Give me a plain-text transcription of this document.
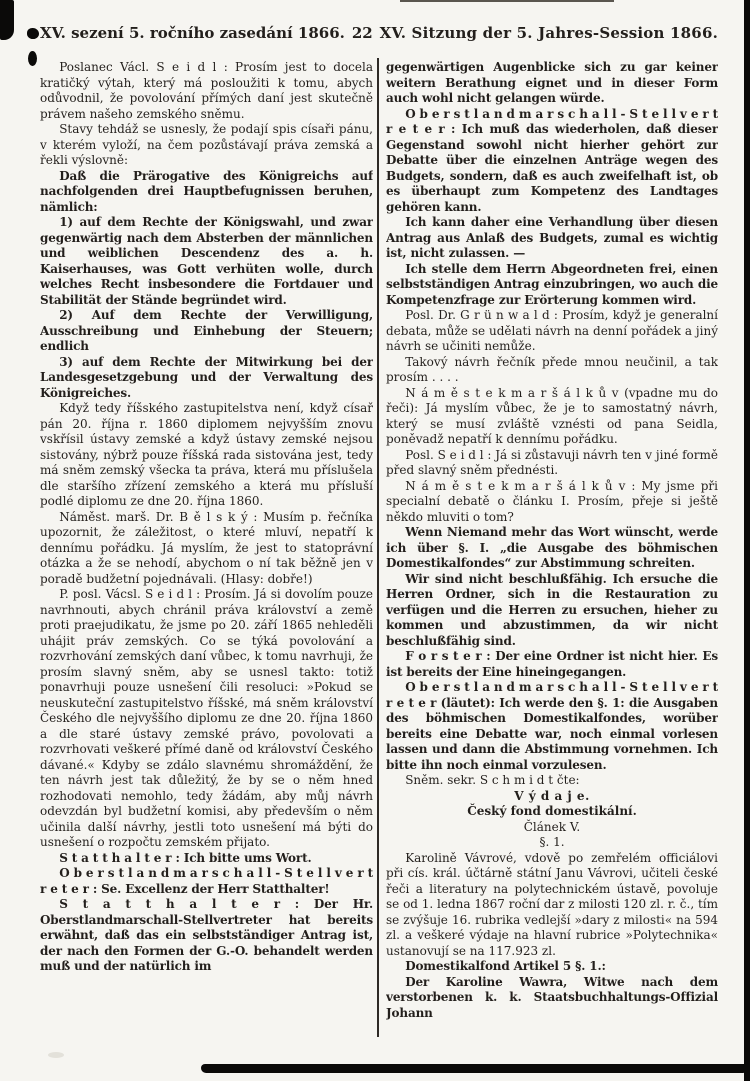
XV. sezení 5. ročního zasedání 1866. 22 XV. Sitzung der 5. Jahres-Session 1866.

Poslanec Václ. S e i d l : Prosím jest to docela kratičký výtah, který má posloužiti k tomu, abych odůvodnil, že povolování přímých daní jest skutečně právem našeho zemského sněmu.

Stavy tehdáž se usnesly, že podají spis císaři pánu, v kterém vyloží, na čem pozůstávají práva zemská a řekli výslovně:

Daß die Prärogative des Königreichs auf nachfolgenden drei Hauptbefugnissen beruhen, nämlich:

1) auf dem Rechte der Königswahl, und zwar gegenwärtig nach dem Absterben der männlichen und weiblichen Descendenz des a. h. Kaiserhauses, was Gott verhüten wolle, durch welches Recht insbesondere die Fortdauer und Stabilität der Stände begründet wird.

2) Auf dem Rechte der Verwilligung, Ausschreibung und Einhebung der Steuern; endlich

3) auf dem Rechte der Mitwirkung bei der Landesgesetzgebung und der Verwaltung des Königreiches.

Když tedy říšského zastupitelstva není, když císař pán 20. října r. 1860 diplomem nejvyšším znovu vskřísil ústavy zemské a když ústavy zemské nejsou sistovány, nýbrž pouze říšská rada sistována jest, tedy má sněm zemský všecka ta práva, která mu příslušela dle staršího zřízení zemského a která mu přísluší podlé diplomu ze dne 20. října 1860.

Náměst. marš. Dr. B ě l s k ý : Musím p. řečníka upozornit, že záležitost, o které mluví, nepatří k dennímu pořádku. Já myslím, že jest to statoprávní otázka a že se nehodí, abychom o ní tak běžně jen v poradě budžetní pojednávali. (Hlasy: dobře!)

P. posl. Vácsl. S e i d l : Prosím. Já si dovolím pouze navrhnouti, abych chránil práva království a země proti praejudikatu, že jsme po 20. září 1865 nehleděli uhájit práv zemských. Co se týká povolování a rozvrhování zemských daní vůbec, k tomu navrhuji, že prosím slavný sněm, aby se usnesl takto: totiž ponavrhuji pouze usnešení čili resoluci: »Pokud se neuskuteční zastupitelstvo říšské, má sněm království Českého dle nejvyššího diplomu ze dne 20. října 1860 a dle staré ústavy zemské právo, povolovati a rozvrhovati veškeré přímé daně od království Českého dávané.« Kdyby se zdálo slavnému shromáždění, že ten návrh jest tak důležitý, že by se o něm hned rozhodovati nemohlo, tedy žádám, aby můj návrh odevzdán byl budžetní komisi, aby především o něm učinila další návrhy, jestli toto usnešení má býti do usnešení o rozpočtu zemském přijato.

S t a t t h a l t e r : Ich bitte ums Wort.

O b e r s t l a n d m a r s c h a l l - S t e l l v e r t r e t e r : Se. Excellenz der Herr Statthalter!

S t a t t h a l t e r : Der Hr. Oberstlandmarschall-Stellvertreter hat bereits erwähnt, daß das ein selbstständiger Antrag ist, der nach den Formen der G.-O. behandelt werden muß und der natürlich im

gegenwärtigen Augenblicke sich zu gar keiner weitern Berathung eignet und in dieser Form auch wohl nicht gelangen würde.

O b e r s t l a n d m a r s c h a l l - S t e l l v e r t r e t e r : Ich muß das wiederholen, daß dieser Gegenstand sowohl nicht hierher gehört zur Debatte über die einzelnen Anträge wegen des Budgets, sondern, daß es auch zweifelhaft ist, ob es überhaupt zum Kompetenz des Landtages gehören kann.

Ich kann daher eine Verhandlung über diesen Antrag aus Anlaß des Budgets, zumal es wichtig ist, nicht zulassen. —

Ich stelle dem Herrn Abgeordneten frei, einen selbstständigen Antrag einzubringen, wo auch die Kompetenzfrage zur Erörterung kommen wird.

Posl. Dr. G r ü n w a l d : Prosím, když je generalní debata, může se udělati návrh na denní pořádek a jiný návrh se učiniti nemůže.

Takový návrh řečník přede mnou neučinil, a tak prosím . . . .

N á m ě s t e k m a r š á l k ů v (vpadne mu do řeči): Já myslím vůbec, že je to samostatný návrh, který se musí zvláště vznésti od pana Seidla, poněvadž nepatří k dennímu pořádku.

Posl. S e i d l : Já si zůstavuji návrh ten v jiné formě před slavný sněm přednésti.

N á m ě s t e k m a r š á l k ů v : My jsme při specialní debatě o článku I. Prosím, přeje si ještě někdo mluviti o tom?

Wenn Niemand mehr das Wort wünscht, werde ich über §. I. „die Ausgabe des böhmischen Domestikalfondes“ zur Abstimmung schreiten.

Wir sind nicht beschlußfähig. Ich ersuche die Herren Ordner, sich in die Restauration zu verfügen und die Herren zu ersuchen, hieher zu kommen und abzustimmen, da wir nicht beschlußfähig sind.

F o r s t e r : Der eine Ordner ist nicht hier. Es ist bereits der Eine hineingegangen.

O b e r s t l a n d m a r s c h a l l - S t e l l v e r t r e t e r (läutet): Ich werde den §. 1: die Ausgaben des böhmischen Domestikalfondes, worüber bereits eine Debatte war, noch einmal vorlesen lassen und dann die Abstimmung vornehmen. Ich bitte ihn noch einmal vorzulesen.

Sněm. sekr. S c h m i d t čte:

V ý d a j e.

Český fond domestikální.

Článek V.

§. 1.

Karolině Vávrové, vdově po zemřelém officiálovi při cís. král. účtárně státní Janu Vávrovi, učiteli české řeči a literatury na polytechnickém ústavě, povoluje se od 1. ledna 1867 roční dar z milosti 120 zl. r. č., tím se zvýšuje 16. rubrika vedlejší »dary z milosti« na 594 zl. a veškeré výdaje na hlavní rubrice »Polytechnika« ustanovují se na 117.923 zl.

Domestikalfond Artikel 5 §. 1.:

Der Karoline Wawra, Witwe nach dem verstorbenen k. k. Staatsbuchhaltungs-Offizial Johann
